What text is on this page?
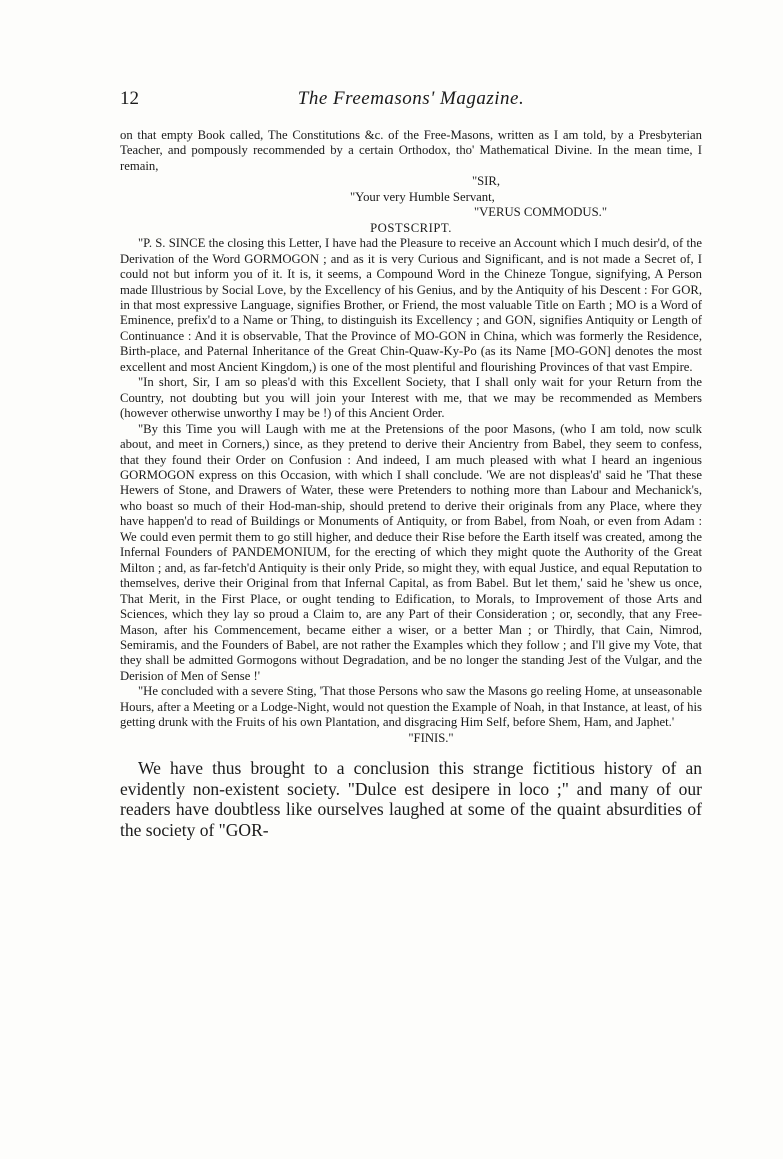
12	The Freemasons' Magazine.

on that empty Book called, The Constitutions &c. of the Free-Masons, written as I am told, by a Presbyterian Teacher, and pompously recommended by a certain Orthodox, tho' Mathematical Divine. In the mean time, I remain,

"SIR,

"Your very Humble Servant,

"VERUS COMMODUS."

POSTSCRIPT.

"P. S. SINCE the closing this Letter, I have had the Pleasure to receive an Account which I much desir'd, of the Derivation of the Word GORMOGON ; and as it is very Curious and Significant, and is not made a Secret of, I could not but inform you of it. It is, it seems, a Compound Word in the Chineze Tongue, signifying, A Person made Illustrious by Social Love, by the Excellency of his Genius, and by the Antiquity of his Descent : For GOR, in that most expressive Language, signifies Brother, or Friend, the most valuable Title on Earth ; MO is a Word of Eminence, prefix'd to a Name or Thing, to distinguish its Excellency ; and GON, signifies Antiquity or Length of Continuance : And it is observable, That the Province of MO-GON in China, which was formerly the Residence, Birth-place, and Paternal Inheritance of the Great Chin-Quaw-Ky-Po (as its Name [MO-GON] denotes the most excellent and most Ancient Kingdom,) is one of the most plentiful and flourishing Provinces of that vast Empire.

"In short, Sir, I am so pleas'd with this Excellent Society, that I shall only wait for your Return from the Country, not doubting but you will join your Interest with me, that we may be recommended as Members (however otherwise unworthy I may be !) of this Ancient Order.

"By this Time you will Laugh with me at the Pretensions of the poor Masons, (who I am told, now sculk about, and meet in Corners,) since, as they pretend to derive their Ancientry from Babel, they seem to confess, that they found their Order on Confusion : And indeed, I am much pleased with what I heard an ingenious GORMOGON express on this Occasion, with which I shall conclude. 'We are not displeas'd' said he 'That these Hewers of Stone, and Drawers of Water, these were Pretenders to nothing more than Labour and Mechanick's, who boast so much of their Hod-man-ship, should pretend to derive their originals from any Place, where they have happen'd to read of Buildings or Monuments of Antiquity, or from Babel, from Noah, or even from Adam : We could even permit them to go still higher, and deduce their Rise before the Earth itself was created, among the Infernal Founders of PANDEMONIUM, for the erecting of which they might quote the Authority of the Great Milton ; and, as far-fetch'd Antiquity is their only Pride, so might they, with equal Justice, and equal Reputation to themselves, derive their Original from that Infernal Capital, as from Babel. But let them,' said he 'shew us once, That Merit, in the First Place, or ought tending to Edification, to Morals, to Improvement of those Arts and Sciences, which they lay so proud a Claim to, are any Part of their Consideration ; or, secondly, that any Free-Mason, after his Commencement, became either a wiser, or a better Man ; or Thirdly, that Cain, Nimrod, Semiramis, and the Founders of Babel, are not rather the Examples which they follow ; and I'll give my Vote, that they shall be admitted Gormogons without Degradation, and be no longer the standing Jest of the Vulgar, and the Derision of Men of Sense !'

"He concluded with a severe Sting, 'That those Persons who saw the Masons go reeling Home, at unseasonable Hours, after a Meeting or a Lodge-Night, would not question the Example of Noah, in that Instance, at least, of his getting drunk with the Fruits of his own Plantation, and disgracing Him Self, before Shem, Ham, and Japhet.'

"FINIS."

We have thus brought to a conclusion this strange fictitious history of an evidently non-existent society. "Dulce est desipere in loco ;" and many of our readers have doubtless like ourselves laughed at some of the quaint absurdities of the society of "GOR-
